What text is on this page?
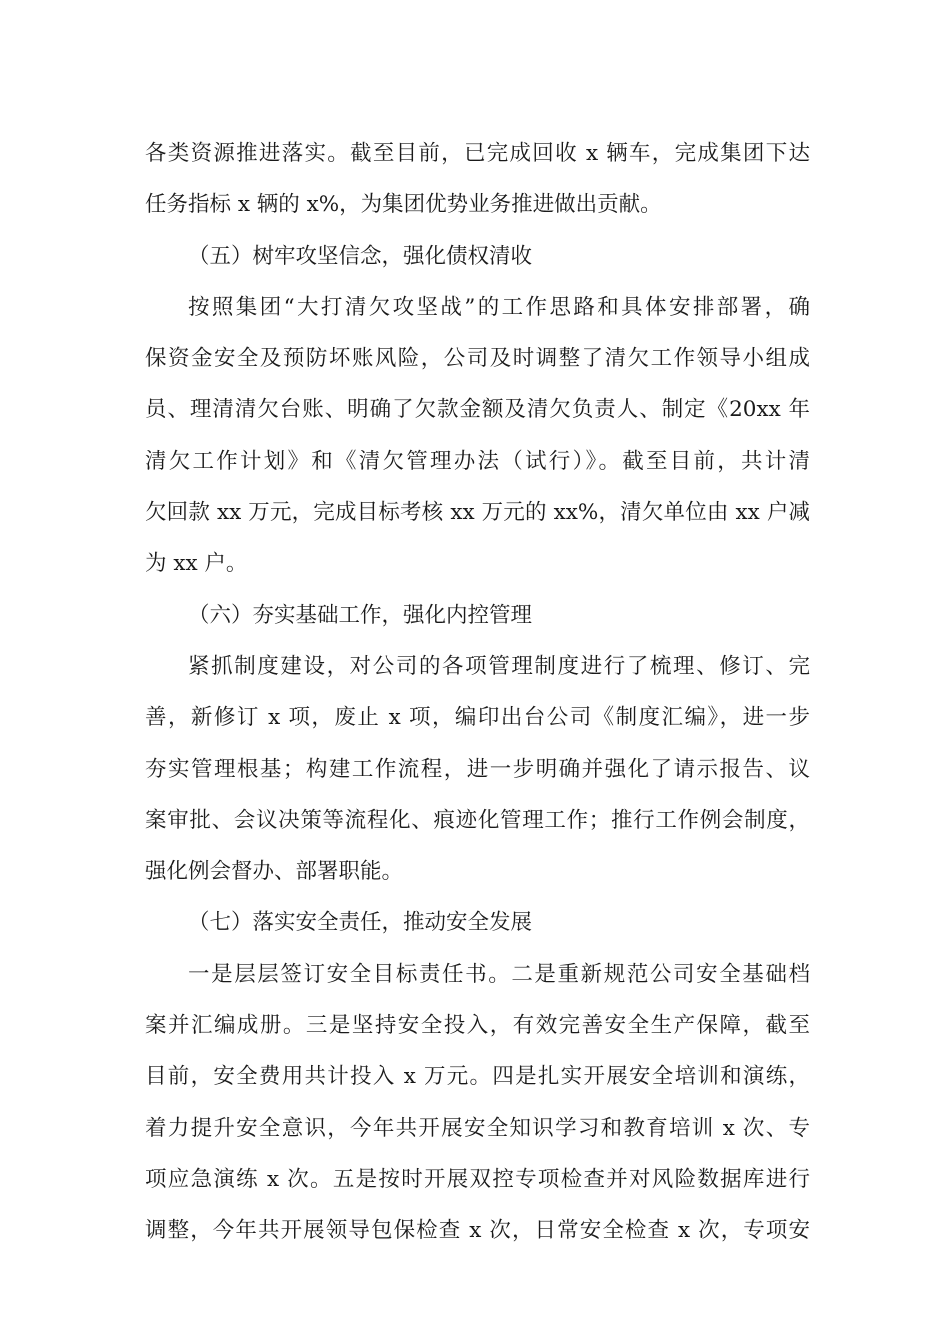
各类资源推进落实。截至目前，已完成回收 x 辆车，完成集团下达
任务指标 x 辆的 x%，为集团优势业务推进做出贡献。
（五）树牢攻坚信念，强化债权清收
按照集团“大打清欠攻坚战”的工作思路和具体安排部署，确
保资金安全及预防坏账风险，公司及时调整了清欠工作领导小组成
员、理清清欠台账、明确了欠款金额及清欠负责人、制定《20xx 年
清欠工作计划》和《清欠管理办法（试行）》。截至目前，共计清
欠回款 xx 万元，完成目标考核 xx 万元的 xx%，清欠单位由 xx 户减
为 xx 户。
（六）夯实基础工作，强化内控管理
紧抓制度建设，对公司的各项管理制度进行了梳理、修订、完
善，新修订 x 项，废止 x 项，编印出台公司《制度汇编》，进一步
夯实管理根基；构建工作流程，进一步明确并强化了请示报告、议
案审批、会议决策等流程化、痕迹化管理工作；推行工作例会制度，
强化例会督办、部署职能。
（七）落实安全责任，推动安全发展
一是层层签订安全目标责任书。二是重新规范公司安全基础档
案并汇编成册。三是坚持安全投入，有效完善安全生产保障，截至
目前，安全费用共计投入 x 万元。四是扎实开展安全培训和演练，
着力提升安全意识，今年共开展安全知识学习和教育培训 x 次、专
项应急演练 x 次。五是按时开展双控专项检查并对风险数据库进行
调整，今年共开展领导包保检查 x 次，日常安全检查 x 次，专项安
